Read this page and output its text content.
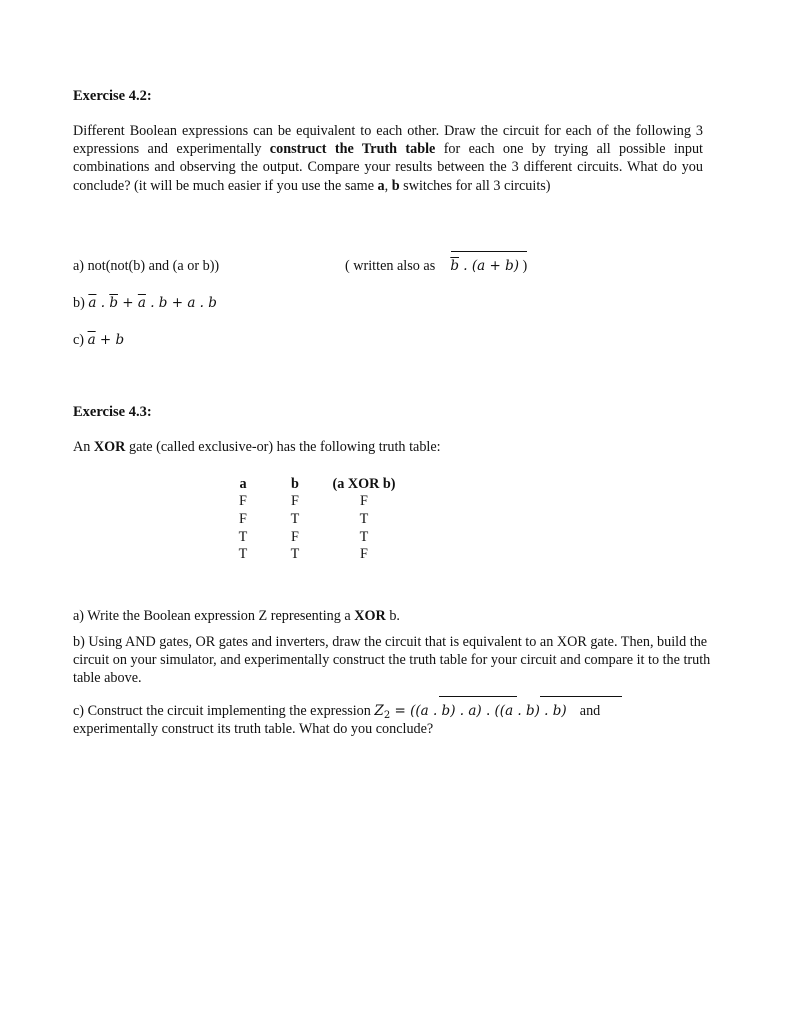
Exercise 4.2:
Different Boolean expressions can be equivalent to each other. Draw the circuit for each of the following 3 expressions and experimentally construct the Truth table for each one by trying all possible input combinations and observing the output. Compare your results between the 3 different circuits. What do you conclude? (it will be much easier if you use the same a, b switches for all 3 circuits)
a) not(not(b) and (a or b))	( written also as $\overline{b}$ . (a + b) )
b) $\overline{a}$ . $\overline{b} + \overline{a}$ . b + a . b
c) $\overline{a} + b$
Exercise 4.3:
An XOR gate (called exclusive-or) has the following truth table:
a	b	(a XOR b)
F	F	F
F	T	T
T	F	T
T	T	F
a) Write the Boolean expression Z representing a XOR b.
b) Using AND gates, OR gates and inverters, draw the circuit that is equivalent to an XOR gate. Then, build the circuit on your simulator, and experimentally construct the truth table for your circuit and compare it to the truth table above.
c) Construct the circuit implementing the expression $Z_2 = ((a$ . b) . a) . ((a . b) . b) and
experimentally construct its truth table. What do you conclude?
